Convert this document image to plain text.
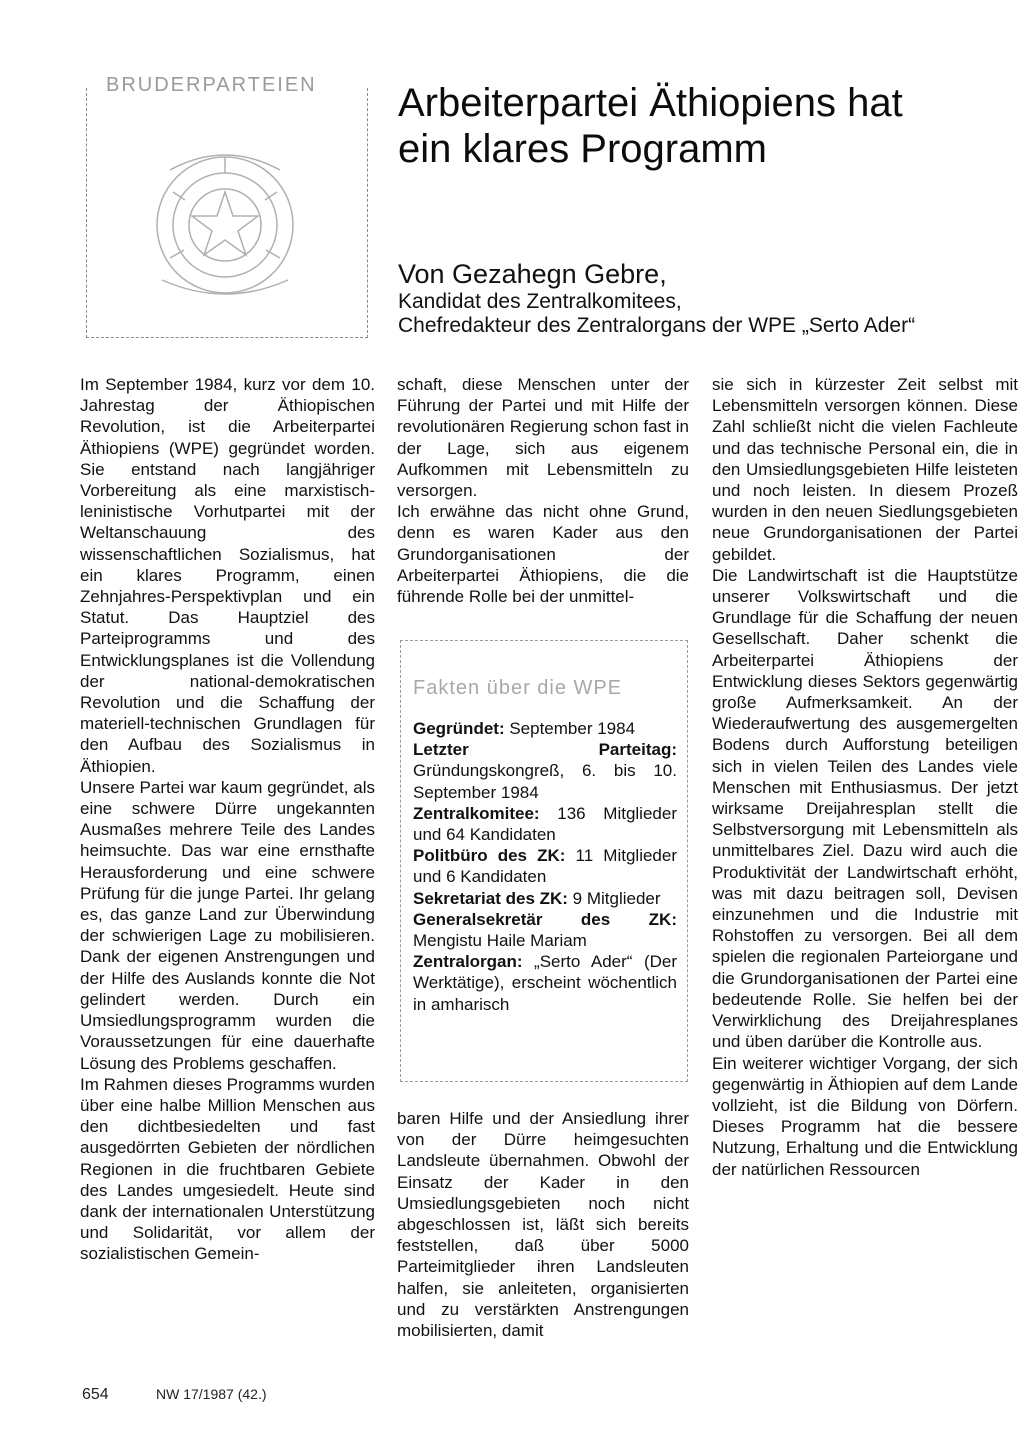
BRUDERPARTEIEN Arbeiterpartei Äthiopiens hat ein klares Programm
Von Gezahegn Gebre,
Kandidat des Zentralkomitees,
Chefredakteur des Zentralorgans der WPE „Serto Ader“

Im September 1984, kurz vor dem 10. Jahrestag der Äthiopischen Revolution, ist die Arbeiterpartei Äthiopiens (WPE) gegründet worden. Sie entstand nach langjähriger Vorbereitung als eine marxistisch-leninistische Vorhutpartei mit der Weltanschauung des wissenschaftlichen Sozialismus, hat ein klares Programm, einen Zehnjahres-Perspektivplan und ein Statut. Das Hauptziel des Parteiprogramms und des Entwicklungsplanes ist die Vollendung der national-demokratischen Revolution und die Schaffung der materiell-technischen Grundlagen für den Aufbau des Sozialismus in Äthiopien.

Unsere Partei war kaum gegründet, als eine schwere Dürre ungekannten Ausmaßes mehrere Teile des Landes heimsuchte. Das war eine ernsthafte Herausforderung und eine schwere Prüfung für die junge Partei. Ihr gelang es, das ganze Land zur Überwindung der schwierigen Lage zu mobilisieren. Dank der eigenen Anstrengungen und der Hilfe des Auslands konnte die Not gelindert werden. Durch ein Umsiedlungsprogramm wurden die Voraussetzungen für eine dauerhafte Lösung des Problems geschaffen.

Im Rahmen dieses Programms wurden über eine halbe Million Menschen aus den dichtbesiedelten und fast ausgedörrten Gebieten der nördlichen Regionen in die fruchtbaren Gebiete des Landes umgesiedelt. Heute sind dank der internationalen Unterstützung und Solidarität, vor allem der sozialistischen Gemein-

schaft, diese Menschen unter der Führung der Partei und mit Hilfe der revolutionären Regierung schon fast in der Lage, sich aus eigenem Aufkommen mit Lebensmitteln zu versorgen.

Ich erwähne das nicht ohne Grund, denn es waren Kader aus den Grundorganisationen der Arbeiterpartei Äthiopiens, die die führende Rolle bei der unmittel-

Fakten über die WPE

Gegründet: September 1984

Letzter Parteitag: Gründungskongreß, 6. bis 10. September 1984

Zentralkomitee: 136 Mitglieder und 64 Kandidaten

Politbüro des ZK: 11 Mitglieder und 6 Kandidaten

Sekretariat des ZK: 9 Mitglieder

Generalsekretär des ZK: Mengistu Haile Mariam

Zentralorgan: „Serto Ader“ (Der Werktätige), erscheint wöchentlich in amharisch

baren Hilfe und der Ansiedlung ihrer von der Dürre heimgesuchten Landsleute übernahmen. Obwohl der Einsatz der Kader in den Umsiedlungsgebieten noch nicht abgeschlossen ist, läßt sich bereits feststellen, daß über 5000 Parteimitglieder ihren Landsleuten halfen, sie anleiteten, organisierten und zu verstärkten Anstrengungen mobilisierten, damit

sie sich in kürzester Zeit selbst mit Lebensmitteln versorgen können. Diese Zahl schließt nicht die vielen Fachleute und das technische Personal ein, die in den Umsiedlungsgebieten Hilfe leisteten und noch leisten. In diesem Prozeß wurden in den neuen Siedlungsgebieten neue Grundorganisationen der Partei gebildet.

Die Landwirtschaft ist die Hauptstütze unserer Volkswirtschaft und die Grundlage für die Schaffung der neuen Gesellschaft. Daher schenkt die Arbeiterpartei Äthiopiens der Entwicklung dieses Sektors gegenwärtig große Aufmerksamkeit. An der Wiederaufwertung des ausgemergelten Bodens durch Aufforstung beteiligen sich in vielen Teilen des Landes viele Menschen mit Enthusiasmus. Der jetzt wirksame Dreijahresplan stellt die Selbstversorgung mit Lebensmitteln als unmittelbares Ziel. Dazu wird auch die Produktivität der Landwirtschaft erhöht, was mit dazu beitragen soll, Devisen einzunehmen und die Industrie mit Rohstoffen zu versorgen. Bei all dem spielen die regionalen Parteiorgane und die Grundorganisationen der Partei eine bedeutende Rolle. Sie helfen bei der Verwirklichung des Dreijahresplanes und üben darüber die Kontrolle aus.

Ein weiterer wichtiger Vorgang, der sich gegenwärtig in Äthiopien auf dem Lande vollzieht, ist die Bildung von Dörfern. Dieses Programm hat die bessere Nutzung, Erhaltung und die Entwicklung der natürlichen Ressourcen

654	NW 17/1987 (42.)
